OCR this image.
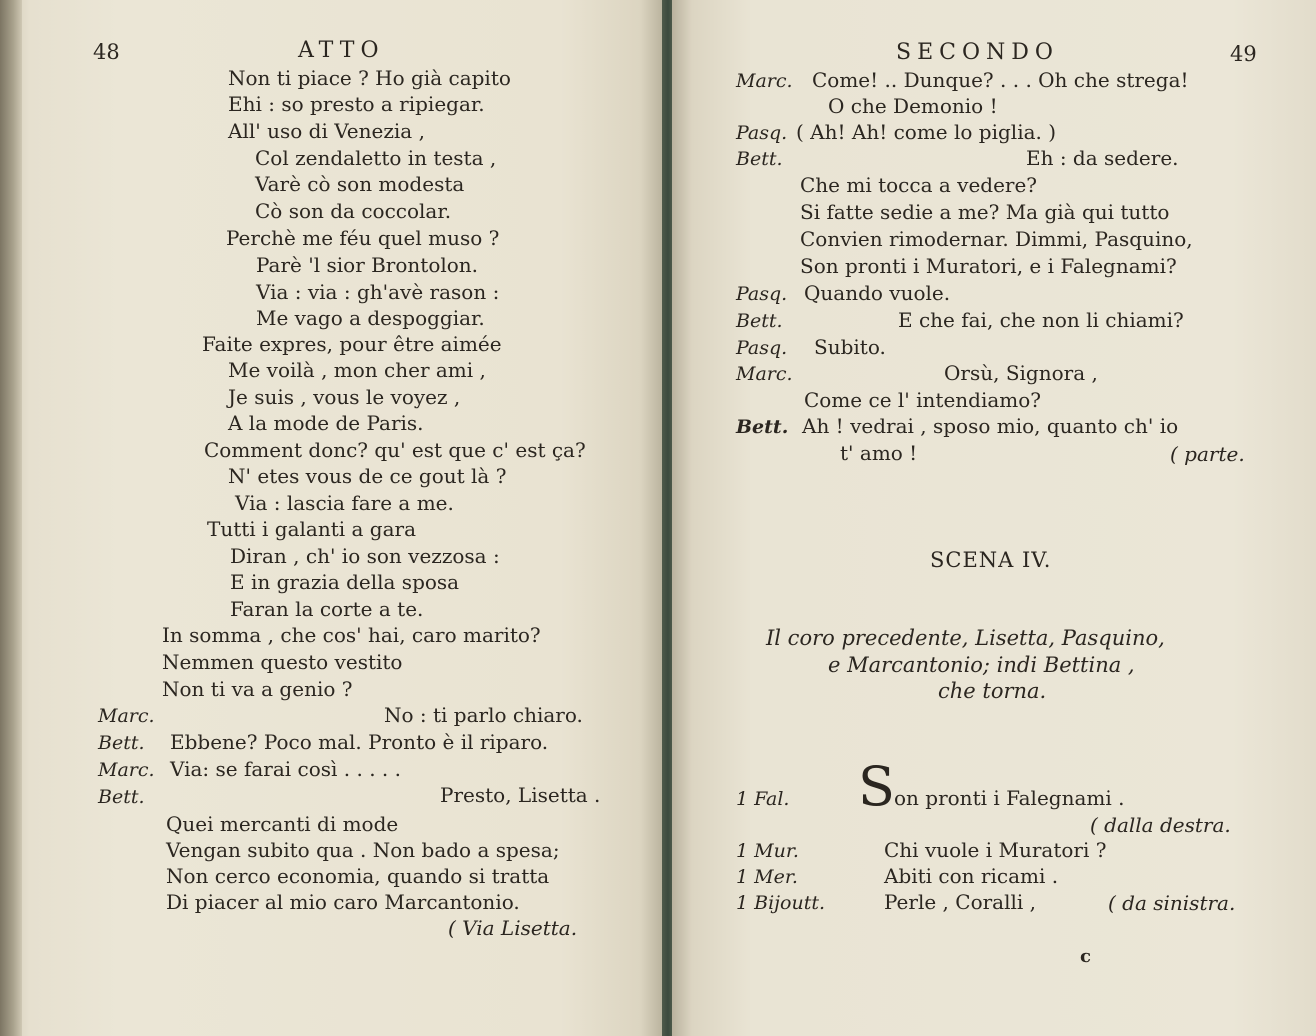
48	ATTO
Non ti piace ? Ho già capito
Ehi : so presto a ripiegar.
All' uso di Venezia ,
Col zendaletto in testa ,
Varè cò son modesta
Cò son da coccolar.
Perchè me féu quel muso ?
Parè 'l sior Brontolon.
Via : via : gh'avè rason :
Me vago a despoggiar.
Faite expres, pour être aimée
Me voilà , mon cher ami ,
Je suis , vous le voyez ,
A la mode de Paris.
Comment donc? qu' est que c' est ça?
N' etes vous de ce gout là ?
Via : lascia fare a me.
Tutti i galanti a gara
Diran , ch' io son vezzosa :
E in grazia della sposa
Faran la corte a te.
In somma , che cos' hai, caro marito?
Nemmen questo vestito
Non ti va a genio ?
Marc.	No : ti parlo chiaro.
Bett. Ebbene? Poco mal. Pronto è il riparo.
Marc. Via: se farai così . . . . .
Bett.	Presto, Lisetta .
Quei mercanti di mode
Vengan subito qua . Non bado a spesa;
Non cerco economia, quando si tratta
Di piacer al mio caro Marcantonio.
( Via Lisetta.
SECONDO	49
Marc. Come! .. Dunque? . . . Oh che strega!
O che Demonio !
Pasq. ( Ah! Ah! come lo piglia. )
Bett.	Eh : da sedere.
Che mi tocca a vedere?
Si fatte sedie a me? Ma già qui tutto
Convien rimodernar. Dimmi, Pasquino,
Son pronti i Muratori, e i Falegnami?
Pasq. Quando vuole.
Bett.	E che fai, che non li chiami?
Pasq. Subito.
Marc.	Orsù, Signora ,
Come ce l' intendiamo?
Bett. Ah ! vedrai , sposo mio, quanto ch' io
t' amo !	( parte.
SCENA IV.
Il coro precedente, Lisetta, Pasquino,
e Marcantonio; indi Bettina ,
che torna.
1 Fal. S on pronti i Falegnami .
( dalla destra.
1 Mur.	Chi vuole i Muratori ?
1 Mer.	Abiti con ricami .
1 Bijoutt.	Perle , Coralli ,	( da sinistra.
c
